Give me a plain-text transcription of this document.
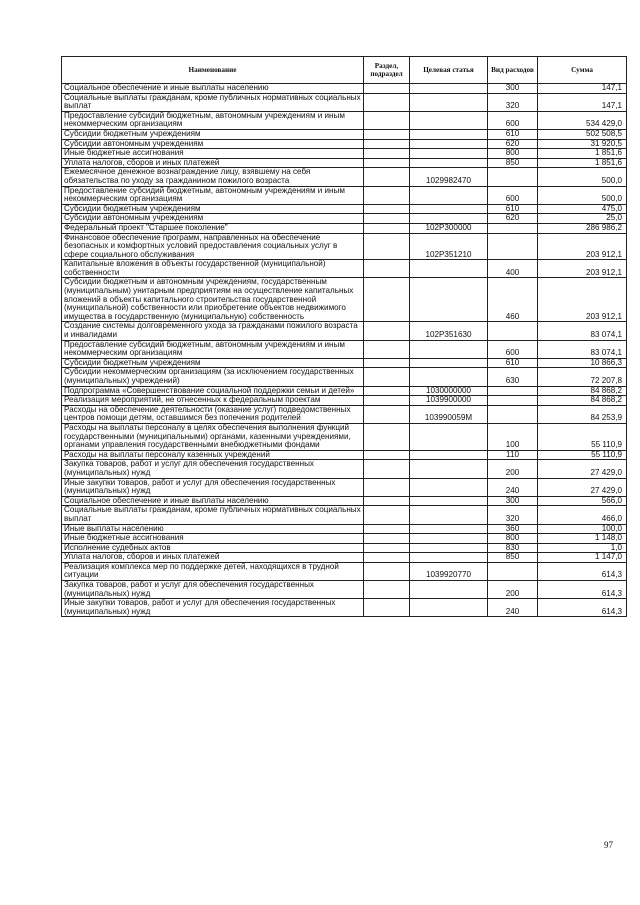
Наименование	Раздел, подраздел	Целевая статья	Вид расходов	Сумма
Социальное обеспечение и иные выплаты населению			300	147,1
Социальные выплаты гражданам, кроме публичных нормативных социальных выплат			320	147,1
Предоставление субсидий бюджетным, автономным учреждениям и иным некоммерческим организациям			600	534 429,0
Субсидии бюджетным учреждениям			610	502 508,5
Субсидии автономным учреждениям			620	31 920,5
Иные бюджетные ассигнования			800	1 851,6
Уплата налогов, сборов и иных платежей			850	1 851,6
Ежемесячное денежное вознаграждение лицу, взявшему на себя обязательства по уходу за гражданином пожилого возраста		1029982470		500,0
Предоставление субсидий бюджетным, автономным учреждениям и иным некоммерческим организациям			600	500,0
Субсидии бюджетным учреждениям			610	475,0
Субсидии автономным учреждениям			620	25,0
Федеральный проект "Старшее поколение"		102P300000		286 986,2
Финансовое обеспечение программ, направленных на обеспечение безопасных и комфортных условий предоставления социальных услуг в сфере социального обслуживания		102P351210		203 912,1
Капитальные вложения в объекты государственной (муниципальной) собственности			400	203 912,1
Субсидии бюджетным и автономным учреждениям, государственным (муниципальным) унитарным предприятиям на осуществление капитальных вложений в объекты капитального строительства государственной (муниципальной) собственности или приобретение объектов недвижимого имущества в государственную (муниципальную) собственность			460	203 912,1
Создание системы долговременного ухода за гражданами пожилого возраста и инвалидами		102P351630		83 074,1
Предоставление субсидий бюджетным, автономным учреждениям и иным некоммерческим организациям			600	83 074,1
Субсидии бюджетным учреждениям			610	10 866,3
Субсидии некоммерческим организациям (за исключением государственных (муниципальных) учреждений)			630	72 207,8
Подпрограмма «Совершенствование социальной поддержки семьи и детей»		1030000000		84 868,2
Реализация мероприятий, не отнесенных к федеральным проектам		1039900000		84 868,2
Расходы на обеспечение деятельности (оказание услуг) подведомственных центров помощи детям, оставшимся без попечения родителей		103990059М		84 253,9
Расходы на выплаты персоналу в целях обеспечения выполнения функций государственными (муниципальными) органами, казенными учреждениями, органами управления государственными внебюджетными фондами			100	55 110,9
Расходы на выплаты персоналу казенных учреждений			110	55 110,9
Закупка товаров, работ и услуг для обеспечения государственных (муниципальных) нужд			200	27 429,0
Иные закупки товаров, работ и услуг для обеспечения государственных (муниципальных) нужд			240	27 429,0
Социальное обеспечение и иные выплаты населению			300	566,0
Социальные выплаты гражданам, кроме публичных нормативных социальных выплат			320	466,0
Иные выплаты населению			360	100,0
Иные бюджетные ассигнования			800	1 148,0
Исполнение судебных актов			830	1,0
Уплата налогов, сборов и иных платежей			850	1 147,0
Реализация комплекса мер по поддержке детей, находящихся в трудной ситуации		1039920770		614,3
Закупка товаров, работ и услуг для обеспечения государственных (муниципальных) нужд			200	614,3
Иные закупки товаров, работ и услуг для обеспечения государственных (муниципальных) нужд			240	614,3
97
